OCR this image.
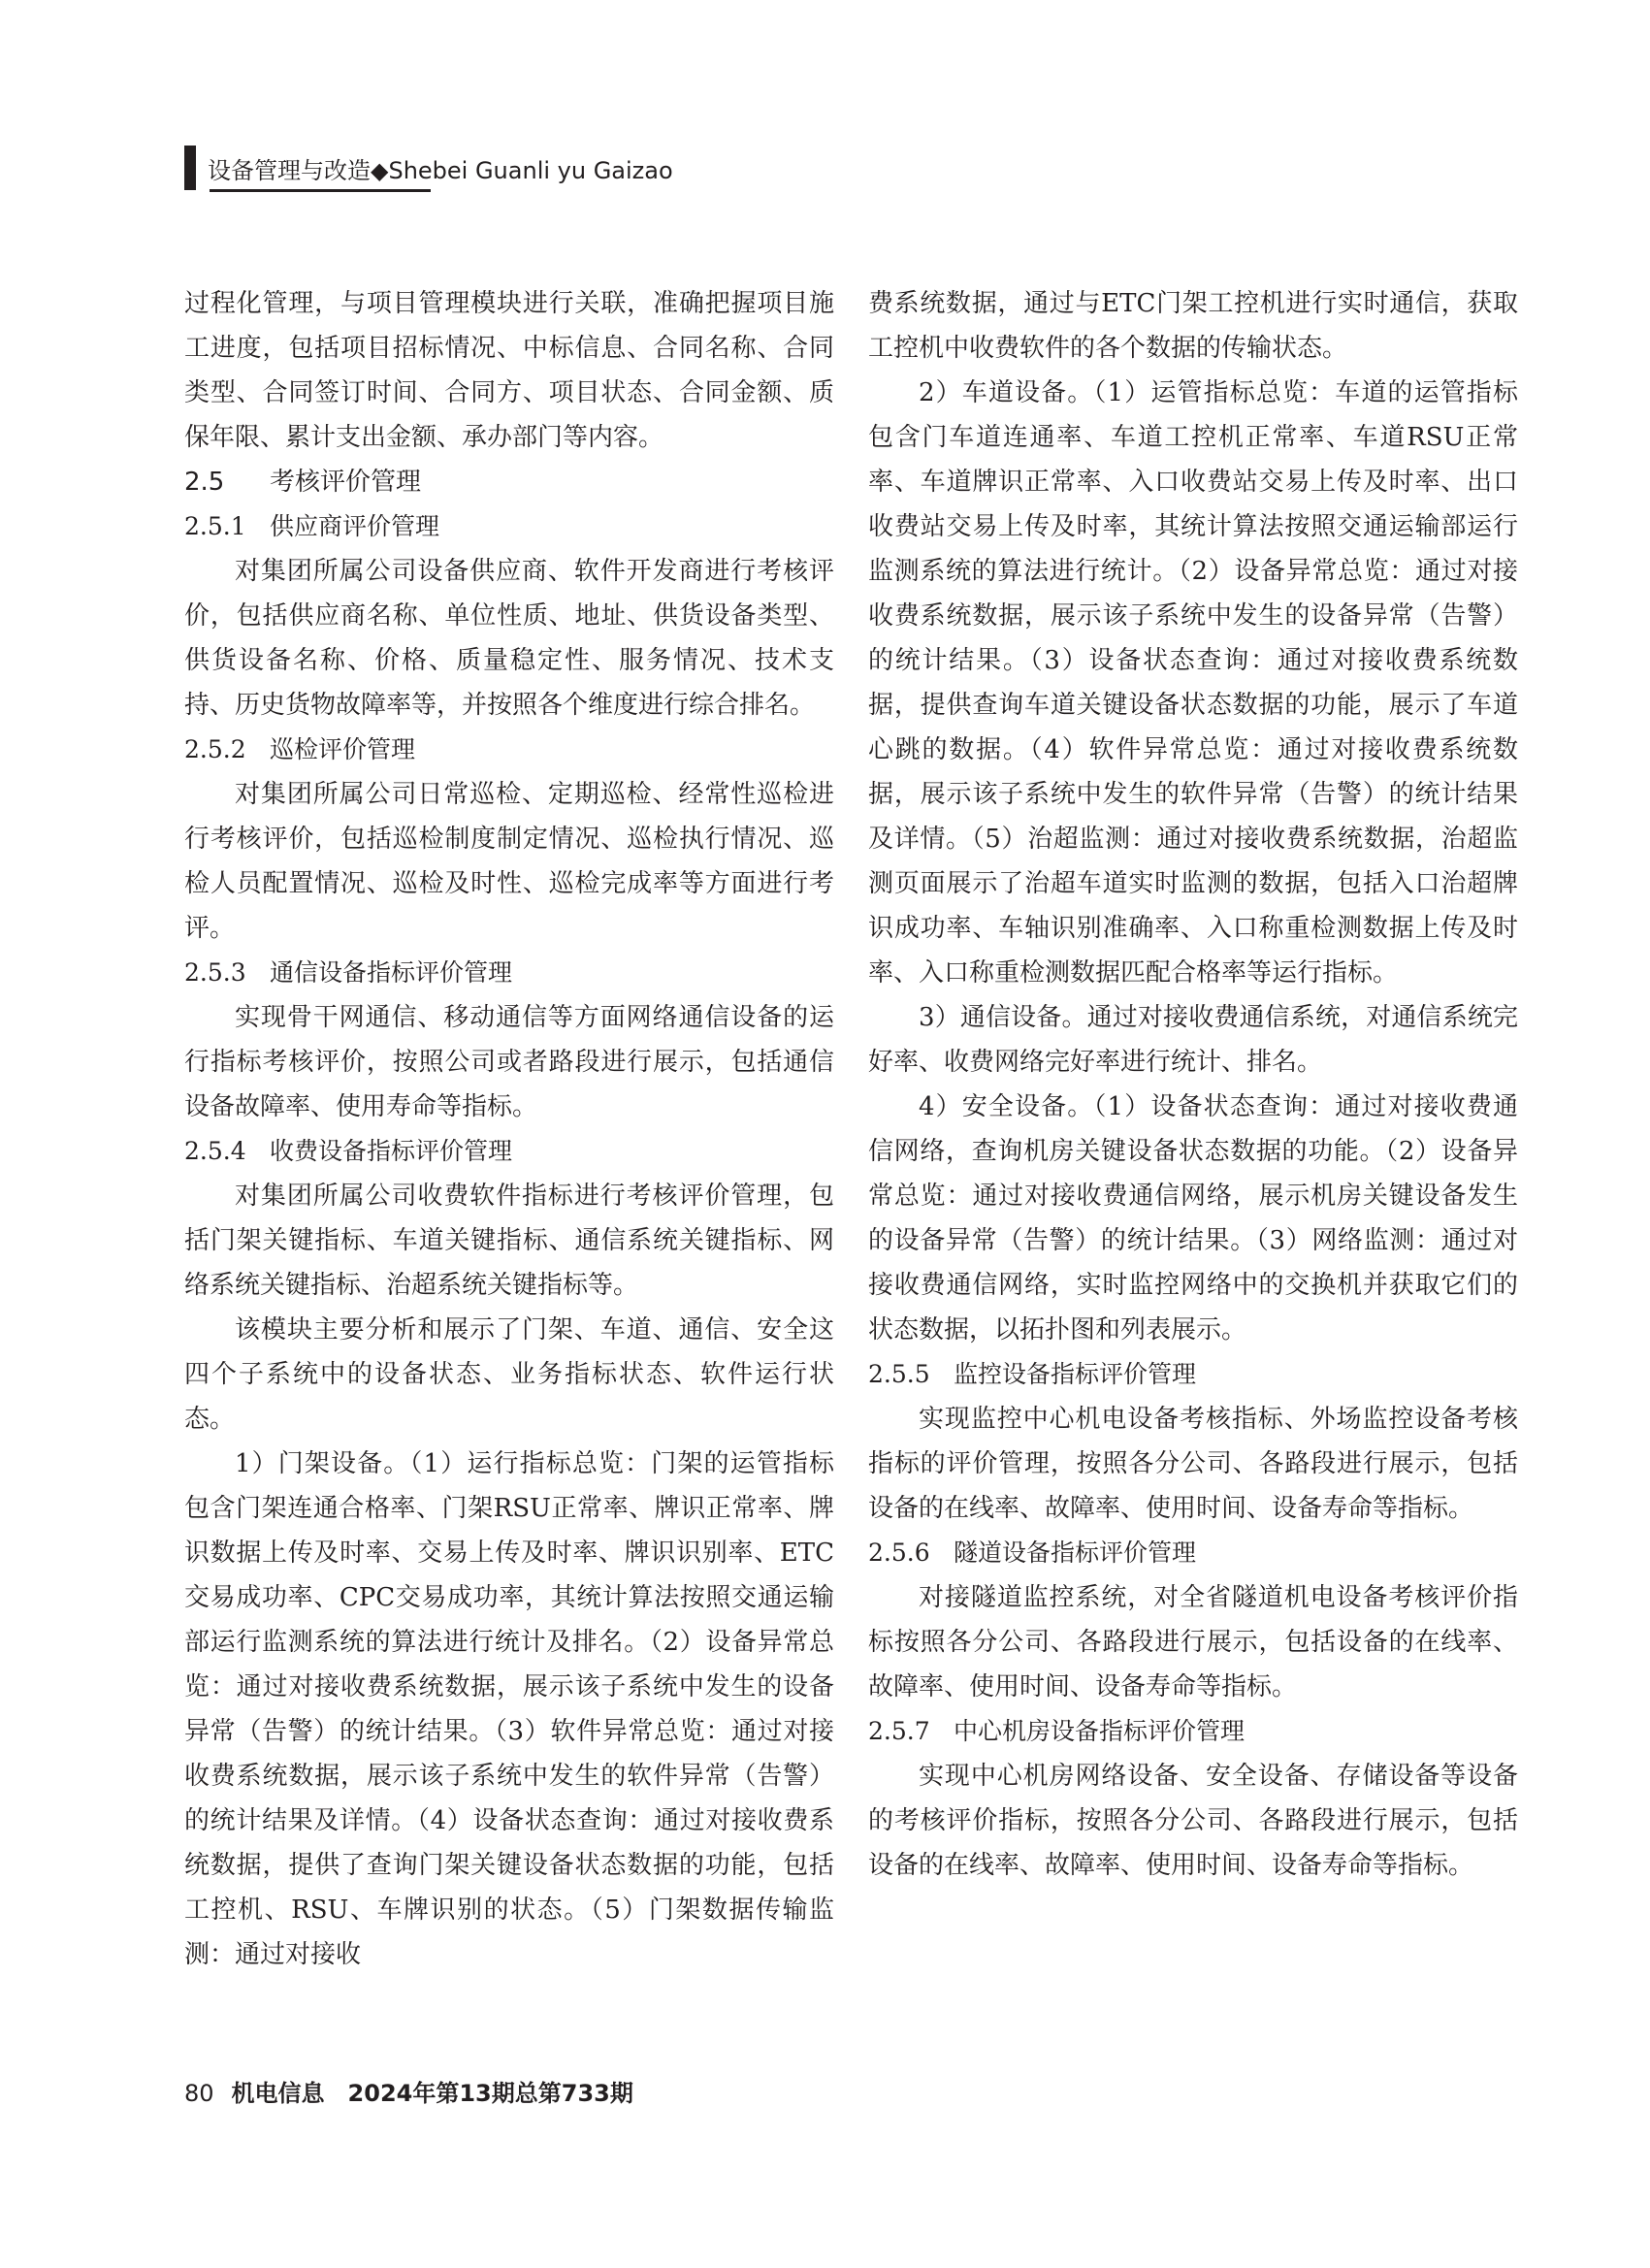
设备管理与改造◆Shebei Guanli yu Gaizao

过程化管理，与项目管理模块进行关联，准确把握项目施工进度，包括项目招标情况、中标信息、合同名称、合同类型、合同签订时间、合同方、项目状态、合同金额、质保年限、累计支出金额、承办部门等内容。

2.5 考核评价管理
2.5.1 供应商评价管理

对集团所属公司设备供应商、软件开发商进行考核评价，包括供应商名称、单位性质、地址、供货设备类型、供货设备名称、价格、质量稳定性、服务情况、技术支持、历史货物故障率等，并按照各个维度进行综合排名。

2.5.2 巡检评价管理

对集团所属公司日常巡检、定期巡检、经常性巡检进行考核评价，包括巡检制度制定情况、巡检执行情况、巡检人员配置情况、巡检及时性、巡检完成率等方面进行考评。

2.5.3 通信设备指标评价管理

实现骨干网通信、移动通信等方面网络通信设备的运行指标考核评价，按照公司或者路段进行展示，包括通信设备故障率、使用寿命等指标。

2.5.4 收费设备指标评价管理

对集团所属公司收费软件指标进行考核评价管理，包括门架关键指标、车道关键指标、通信系统关键指标、网络系统关键指标、治超系统关键指标等。

该模块主要分析和展示了门架、车道、通信、安全这四个子系统中的设备状态、业务指标状态、软件运行状态。

1）门架设备。（1）运行指标总览：门架的运管指标包含门架连通合格率、门架RSU正常率、牌识正常率、牌识数据上传及时率、交易上传及时率、牌识识别率、ETC交易成功率、CPC交易成功率，其统计算法按照交通运输部运行监测系统的算法进行统计及排名。（2）设备异常总览：通过对接收费系统数据，展示该子系统中发生的设备异常（告警）的统计结果。（3）软件异常总览：通过对接收费系统数据，展示该子系统中发生的软件异常（告警）的统计结果及详情。（4）设备状态查询：通过对接收费系统数据，提供了查询门架关键设备状态数据的功能，包括工控机、RSU、车牌识别的状态。（5）门架数据传输监测：通过对接收

费系统数据，通过与ETC门架工控机进行实时通信，获取工控机中收费软件的各个数据的传输状态。

2）车道设备。（1）运管指标总览：车道的运管指标包含门车道连通率、车道工控机正常率、车道RSU正常率、车道牌识正常率、入口收费站交易上传及时率、出口收费站交易上传及时率，其统计算法按照交通运输部运行监测系统的算法进行统计。（2）设备异常总览：通过对接收费系统数据，展示该子系统中发生的设备异常（告警）的统计结果。（3）设备状态查询：通过对接收费系统数据，提供查询车道关键设备状态数据的功能，展示了车道心跳的数据。（4）软件异常总览：通过对接收费系统数据，展示该子系统中发生的软件异常（告警）的统计结果及详情。（5）治超监测：通过对接收费系统数据，治超监测页面展示了治超车道实时监测的数据，包括入口治超牌识成功率、车轴识别准确率、入口称重检测数据上传及时率、入口称重检测数据匹配合格率等运行指标。

3）通信设备。通过对接收费通信系统，对通信系统完好率、收费网络完好率进行统计、排名。

4）安全设备。（1）设备状态查询：通过对接收费通信网络，查询机房关键设备状态数据的功能。（2）设备异常总览：通过对接收费通信网络，展示机房关键设备发生的设备异常（告警）的统计结果。（3）网络监测：通过对接收费通信网络，实时监控网络中的交换机并获取它们的状态数据，以拓扑图和列表展示。

2.5.5 监控设备指标评价管理

实现监控中心机电设备考核指标、外场监控设备考核指标的评价管理，按照各分公司、各路段进行展示，包括设备的在线率、故障率、使用时间、设备寿命等指标。

2.5.6 隧道设备指标评价管理

对接隧道监控系统，对全省隧道机电设备考核评价指标按照各分公司、各路段进行展示，包括设备的在线率、故障率、使用时间、设备寿命等指标。

2.5.7 中心机房设备指标评价管理

实现中心机房网络设备、安全设备、存储设备等设备的考核评价指标，按照各分公司、各路段进行展示，包括设备的在线率、故障率、使用时间、设备寿命等指标。

80 机电信息 2024年第13期总第733期
